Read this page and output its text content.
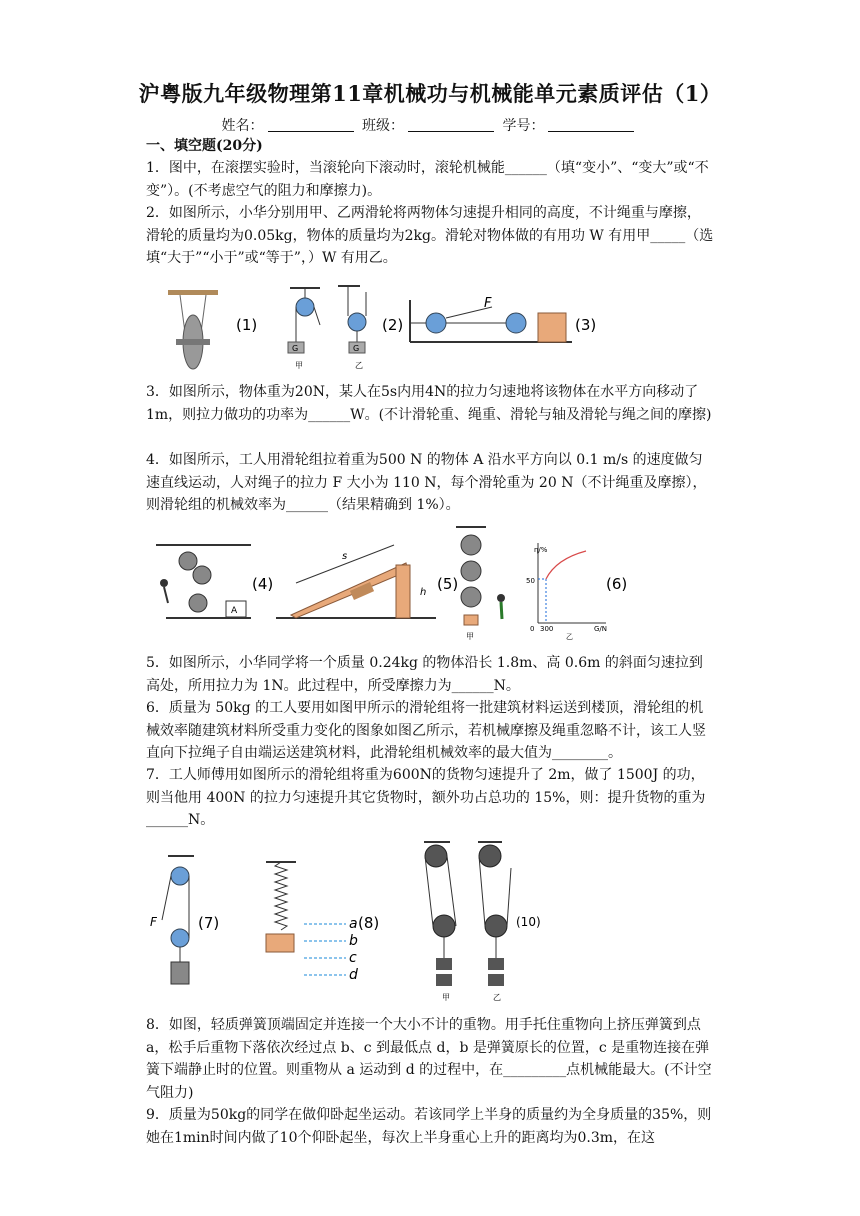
沪粤版九年级物理第11章机械功与机械能单元素质评估（1）
姓名：	班级：	学号：
一、填空题(20分)
1．图中，在滚摆实验时，当滚轮向下滚动时，滚轮机械能______（填“变小”、“变大”或“不变”）。(不考虑空气的阻力和摩擦力)。
2．如图所示，小华分别用甲、乙两滑轮将两物体匀速提升相同的高度，不计绳重与摩擦，滑轮的质量均为0.05kg，物体的质量均为2kg。滑轮对物体做的有用功 W 有用甲_____（选填“大于”“小于”或“等于”，）W 有用乙。
(1)
G
甲
G
乙
(2)
F
(3)
3．如图所示，物体重为20N，某人在5s内用4N的拉力匀速地将该物体在水平方向移动了1m，则拉力做功的功率为______W。(不计滑轮重、绳重、滑轮与轴及滑轮与绳之间的摩擦)
4．如图所示，工人用滑轮组拉着重为500 N 的物体 A 沿水平方向以 0.1 m/s 的速度做匀速直线运动，人对绳子的拉力 F 大小为 110 N，每个滑轮重为 20 N（不计绳重及摩擦），则滑轮组的机械效率为______（结果精确到 1%）。
A
(4)
s
h (5)
甲
η/%
50
0 300	G/N
乙
(6)
5．如图所示，小华同学将一个质量 0.24kg 的物体沿长 1.8m、高 0.6m 的斜面匀速拉到高处，所用拉力为 1N。此过程中，所受摩擦力为______N。
6．质量为 50kg 的工人要用如图甲所示的滑轮组将一批建筑材料运送到楼顶，滑轮组的机械效率随建筑材料所受重力变化的图象如图乙所示，若机械摩擦及绳重忽略不计，该工人竖直向下拉绳子自由端运送建筑材料，此滑轮组机械效率的最大值为________。
7．工人师傅用如图所示的滑轮组将重为600N的货物匀速提升了 2m，做了 1500J 的功，则当他用 400N 的拉力匀速提升其它货物时，额外功占总功的 15%，则：提升货物的重为______N。
F	(7)	a
b
c
d
(8)
甲	乙
(10)
8．如图，轻质弹簧顶端固定并连接一个大小不计的重物。用手托住重物向上挤压弹簧到点 a，松手后重物下落依次经过点 b、c 到最低点 d，b 是弹簧原长的位置，c 是重物连接在弹簧下端静止时的位置。则重物从 a 运动到 d 的过程中，在_________点机械能最大。(不计空气阻力)
9．质量为50kg的同学在做仰卧起坐运动。若该同学上半身的质量约为全身质量的35%，则她在1min时间内做了10个仰卧起坐，每次上半身重心上升的距离均为0.3m，在这
